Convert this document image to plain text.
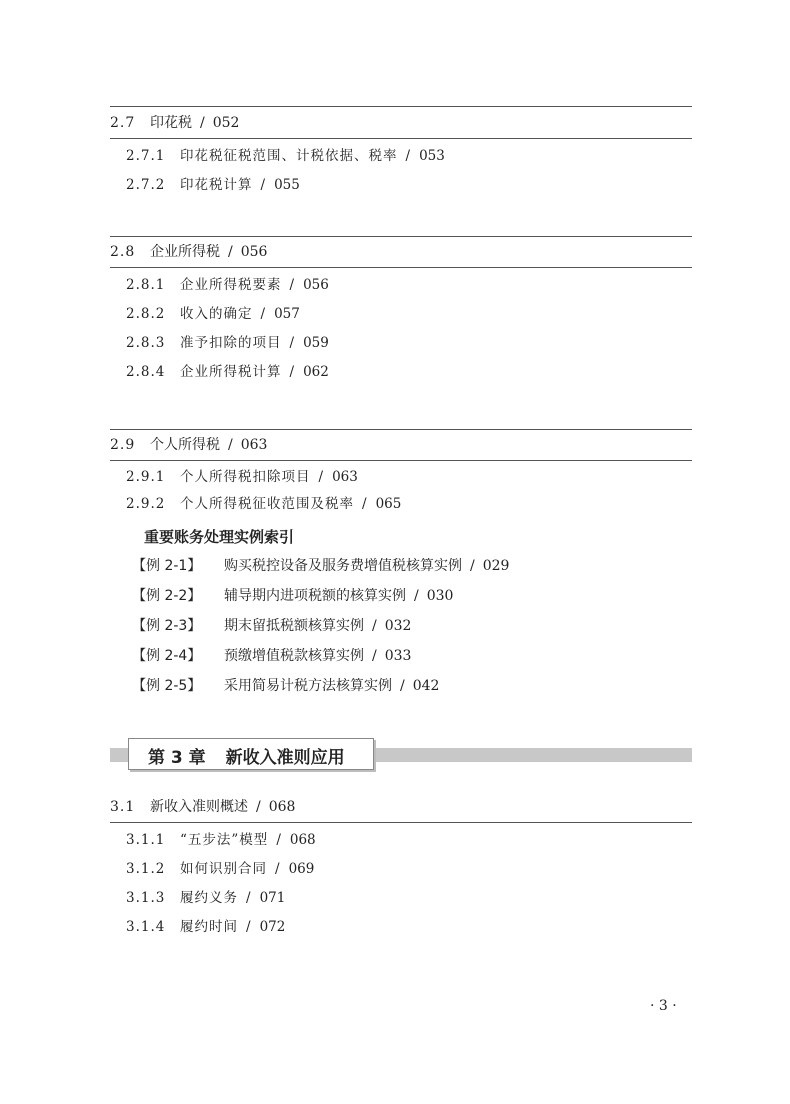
2.7 印花税 / 052
2.7.1 印花税征税范围、计税依据、税率 / 053
2.7.2 印花税计算 / 055
2.8 企业所得税 / 056
2.8.1 企业所得税要素 / 056
2.8.2 收入的确定 / 057
2.8.3 准予扣除的项目 / 059
2.8.4 企业所得税计算 / 062
2.9 个人所得税 / 063
2.9.1 个人所得税扣除项目 / 063
2.9.2 个人所得税征收范围及税率 / 065
重要账务处理实例索引
【例 2-1】 购买税控设备及服务费增值税核算实例 / 029
【例 2-2】 辅导期内进项税额的核算实例 / 030
【例 2-3】 期末留抵税额核算实例 / 032
【例 2-4】 预缴增值税款核算实例 / 033
【例 2-5】 采用简易计税方法核算实例 / 042
第 3 章 新收入准则应用
3.1 新收入准则概述 / 068
3.1.1 “五步法”模型 / 068
3.1.2 如何识别合同 / 069
3.1.3 履约义务 / 071
3.1.4 履约时间 / 072
· 3 ·
